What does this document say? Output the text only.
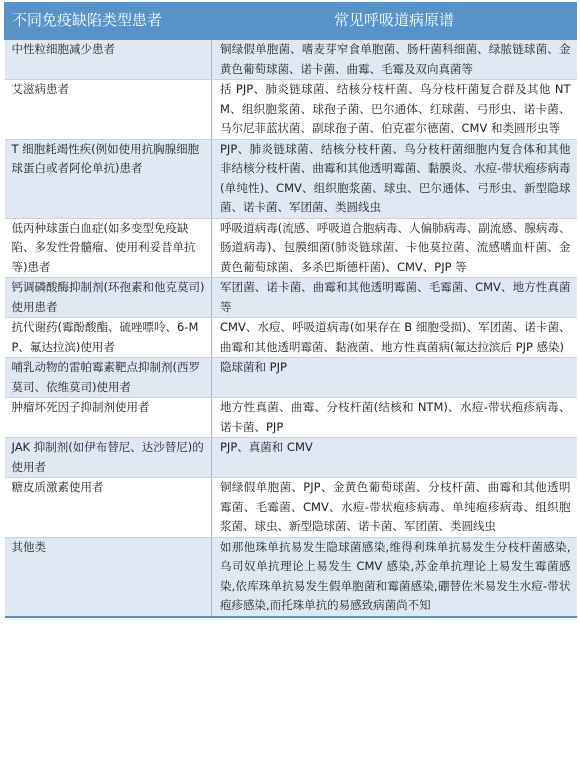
不同免疫缺陷类型患者	常见呼吸道病原谱
中性粒细胞减少患者	铜绿假单胞菌、嗜麦芽窄食单胞菌、肠杆菌科细菌、绿脓链球菌、金黄色葡萄球菌、诺卡菌、曲霉、毛霉及双向真菌等
艾滋病患者	括 PJP、肺炎链球菌、结核分枝杆菌、鸟分枝杆菌复合群及其他 NTM、组织胞浆菌、球孢子菌、巴尔通体、红球菌、弓形虫、诺卡菌、马尔尼菲蓝状菌、副球孢子菌、伯克霍尔德菌、CMV 和类圆形虫等
T 细胞耗竭性疾(例如使用抗胸腺细胞球蛋白或者阿伦单抗)患者	PJP、肺炎链球菌、结核分枝杆菌、鸟分枝杆菌细胞内复合体和其他非结核分枝杆菌、曲霉和其他透明霉菌、黏膜炎、水痘-带状疱疹病毒(单纯性)、CMV、组织胞浆菌、球虫、巴尔通体、弓形虫、新型隐球菌、诺卡菌、军团菌、类圆线虫
低丙种球蛋白血症(如多变型免疫缺陷、多发性骨髓瘤、使用利妥昔单抗等)患者	呼吸道病毒(流感、呼吸道合胞病毒、人偏肺病毒、副流感、腺病毒、肠道病毒)、包膜细菌(肺炎链球菌、卡他莫拉菌、流感嗜血杆菌、金黄色葡萄球菌、多杀巴斯德杆菌)、CMV、PJP 等
钙调磷酸酶抑制剂(环孢素和他克莫司)使用患者	军团菌、诺卡菌、曲霉和其他透明霉菌、毛霉菌、CMV、地方性真菌等
抗代谢药(霉酚酸酯、硫唑嘌呤、6-MP、氟达拉滨)使用者	CMV、水痘、呼吸道病毒(如果存在 B 细胞受损)、军团菌、诺卡菌、曲霉和其他透明霉菌、黏液菌、地方性真菌病(氟达拉滨后 PJP 感染)
哺乳动物的雷帕霉素靶点抑制剂(西罗莫司、依维莫司)使用者	隐球菌和 PJP
肿瘤坏死因子抑制剂使用者	地方性真菌、曲霉、分枝杆菌(结核和 NTM)、水痘-带状疱疹病毒、诺卡菌、PJP
JAK 抑制剂(如伊布替尼、达沙替尼)的使用者	PJP、真菌和 CMV
糖皮质激素使用者	铜绿假单胞菌、PJP、金黄色葡萄球菌、分枝杆菌、曲霉和其他透明霉菌、毛霉菌、CMV、水痘-带状疱疹病毒、单纯疱疹病毒、组织胞浆菌、球虫、新型隐球菌、诺卡菌、军团菌、类圆线虫
其他类	如那他珠单抗易发生隐球菌感染,维得利珠单抗易发生分枝杆菌感染,乌司奴单抗理论上易发生 CMV 感染,苏金单抗理论上易发生霉菌感染,依库珠单抗易发生假单胞菌和霉菌感染,硼替佐米易发生水痘-带状疱疹感染,而托珠单抗的易感致病菌尚不知
